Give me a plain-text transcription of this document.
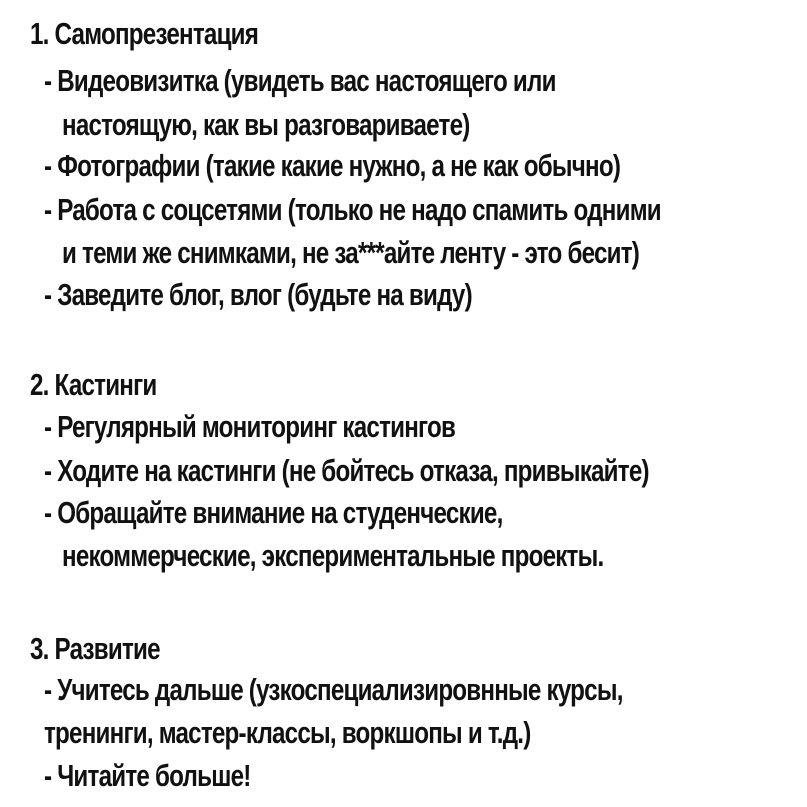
1. Самопрезентация
- Видеовизитка (увидеть вас настоящего или
настоящую, как вы разговариваете)
- Фотографии (такие какие нужно, а не как обычно)
- Работа с соцсетями (только не надо спамить одними
и теми же снимками, не за***айте ленту - это бесит)
- Заведите блог, влог (будьте на виду)
2. Кастинги
- Регулярный мониторинг кастингов
- Ходите на кастинги (не бойтесь отказа, привыкайте)
- Обращайте внимание на студенческие,
некоммерческие, экспериментальные проекты.
3. Развитие
- Учитесь дальше (узкоспециализировнные курсы,
тренинги, мастер-классы, воркшопы и т.д.)
- Читайте больше!
